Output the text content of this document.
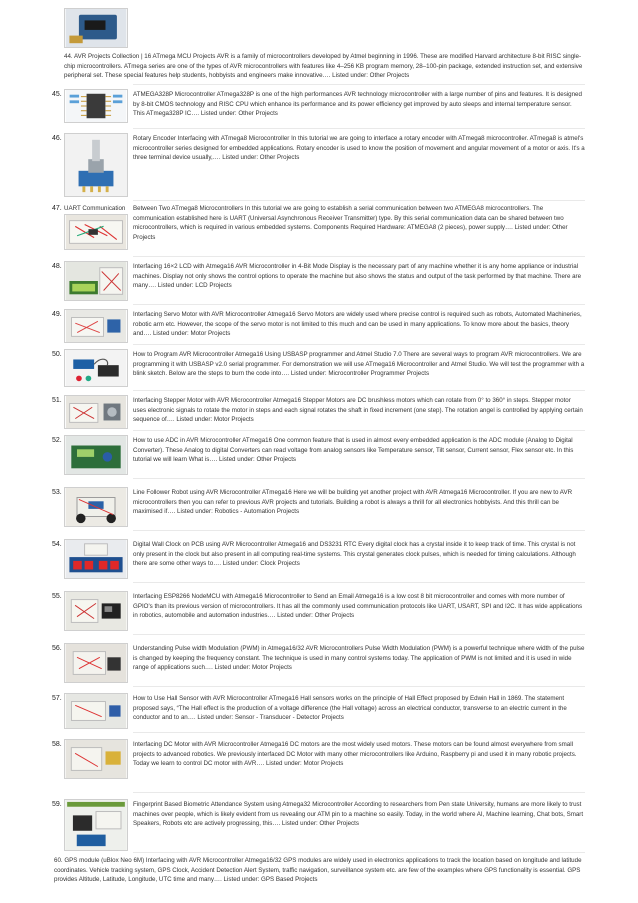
44. AVR Projects Collection | 16 ATmega MCU Projects AVR is a family of microcontrollers developed by Atmel beginning in 1996. These are modified Harvard architecture 8-bit RISC single-chip microcontrollers. ATmega series are one of the types of AVR microcontrollers with features like 4–256 KB program memory, 28–100-pin package, extended instruction set, and extensive peripheral set. These special features help students, hobbyists and engineers make innovative…. Listed under: Other Projects
45.	ATMEGA328P Microcontroller ATmega328P is one of the high performances AVR technology microcontroller with a large number of pins and features. It is designed by 8-bit CMOS technology and RISC CPU which enhance its performance and its power efficiency get improved by auto sleeps and internal temperature sensor. This ATmega328P IC…. Listed under: Other Projects
46.	Rotary Encoder Interfacing with ATmega8 Microcontroller In this tutorial we are going to interface a rotary encoder with ATmega8 microcontroller. ATmega8 is atmel's microcontroller series designed for embedded applications. Rotary encoder is used to know the position of movement and angular movement of a motor or axis. It's a three terminal device usually,…. Listed under: Other Projects
47. UART Communication	Between Two ATmega8 Microcontrollers In this tutorial we are going to establish a serial communication between two ATMEGA8 microcontrollers. The communication established here is UART (Universal Asynchronous Receiver Transmitter) type. By this serial communication data can be shared between two microcontrollers, which is required in various embedded systems. Components Required Hardware: ATMEGA8 (2 pieces), power supply…. Listed under: Other Projects
48.	Interfacing 16×2 LCD with Atmega16 AVR Microcontroller in 4-Bit Mode Display is the necessary part of any machine whether it is any home appliance or industrial machines. Display not only shows the control options to operate the machine but also shows the status and output of the task performed by that machine. There are many…. Listed under: LCD Projects
49.	Interfacing Servo Motor with AVR Microcontroller Atmega16 Servo Motors are widely used where precise control is required such as robots, Automated Machineries, robotic arm etc. However, the scope of the servo motor is not limited to this much and can be used in many applications. To know more about the basics, theory and…. Listed under: Motor Projects
50.	How to Program AVR Microcontroller Atmega16 Using USBASP programmer and Atmel Studio 7.0 There are several ways to program AVR microcontrollers. We are programming it with USBASP v2.0 serial programmer. For demonstration we will use ATmega16 Microcontroller and Atmel Studio. We will test the programmer with a blink sketch. Below are the steps to burn the code into…. Listed under: Microcontroller Programmer Projects
51.	Interfacing Stepper Motor with AVR Microcontroller Atmega16 Stepper Motors are DC brushless motors which can rotate from 0° to 360° in steps. Stepper motor uses electronic signals to rotate the motor in steps and each signal rotates the shaft in fixed increment (one step). The rotation angel is controlled by applying certain sequence of…. Listed under: Motor Projects
52.	How to use ADC in AVR Microcontroller ATmega16 One common feature that is used in almost every embedded application is the ADC module (Analog to Digital Converter). These Analog to digital Converters can read voltage from analog sensors like Temperature sensor, Tilt sensor, Current sensor, Flex sensor etc. In this tutorial we will learn What is…. Listed under: Other Projects
53.	Line Follower Robot using AVR Microcontroller ATmega16 Here we will be building yet another project with AVR Atmega16 Microcontroller. If you are new to AVR microcontrollers then you can refer to previous AVR projects and tutorials. Building a robot is always a thrill for all electronics hobbyists. And this thrill can be maximised if…. Listed under: Robotics - Automation Projects
54.	Digital Wall Clock on PCB using AVR Microcontroller Atmega16 and DS3231 RTC Every digital clock has a crystal inside it to keep track of time. This crystal is not only present in the clock but also present in all computing real-time systems. This crystal generates clock pulses, which is needed for timing calculations. Although there are some other ways to…. Listed under: Clock Projects
55.	Interfacing ESP8266 NodeMCU with Atmega16 Microcontroller to Send an Email Atmega16 is a low cost 8 bit microcontroller and comes with more number of GPIO's than its previous version of microcontrollers. It has all the commonly used communication protocols like UART, USART, SPI and I2C. It has wide applications in robotics, automobile and automation industries…. Listed under: Other Projects
56.	Understanding Pulse width Modulation (PWM) in Atmega16/32 AVR Microcontrollers Pulse Width Modulation (PWM) is a powerful technique where width of the pulse is changed by keeping the frequency constant. The technique is used in many control systems today. The application of PWM is not limited and it is used in wide range of applications such…. Listed under: Motor Projects
57.	How to Use Hall Sensor with AVR Microcontroller ATmega16 Hall sensors works on the principle of Hall Effect proposed by Edwin Hall in 1869. The statement proposed says, “The Hall effect is the production of a voltage difference (the Hall voltage) across an electrical conductor, transverse to an electric current in the conductor and to an…. Listed under: Sensor - Transducer - Detector Projects
58.	Interfacing DC Motor with AVR Microcontroller Atmega16 DC motors are the most widely used motors. These motors can be found almost everywhere from small projects to advanced robotics. We previously interfaced DC Motor with many other microcontrollers like Arduino, Raspberry pi and used it in many robotic projects. Today we learn to control DC motor with AVR…. Listed under: Motor Projects
59.	Fingerprint Based Biometric Attendance System using Atmega32 Microcontroller According to researchers from Pen state University, humans are more likely to trust machines over people, which is likely evident from us revealing our ATM pin to a machine so easily. Today, in the world where AI, Machine learning, Chat bots, Smart Speakers, Robots etc are actively progressing, this…. Listed under: Other Projects
60. GPS module (uBlox Neo 6M) Interfacing with AVR Microcontroller Atmega16/32 GPS modules are widely used in electronics applications to track the location based on longitude and latitude coordinates. Vehicle tracking system, GPS Clock, Accident Detection Alert System, traffic navigation, surveillance system etc. are few of the examples where GPS functionality is essential. GPS provides Altitude, Latitude, Longitude, UTC time and many…. Listed under: GPS Based Projects
